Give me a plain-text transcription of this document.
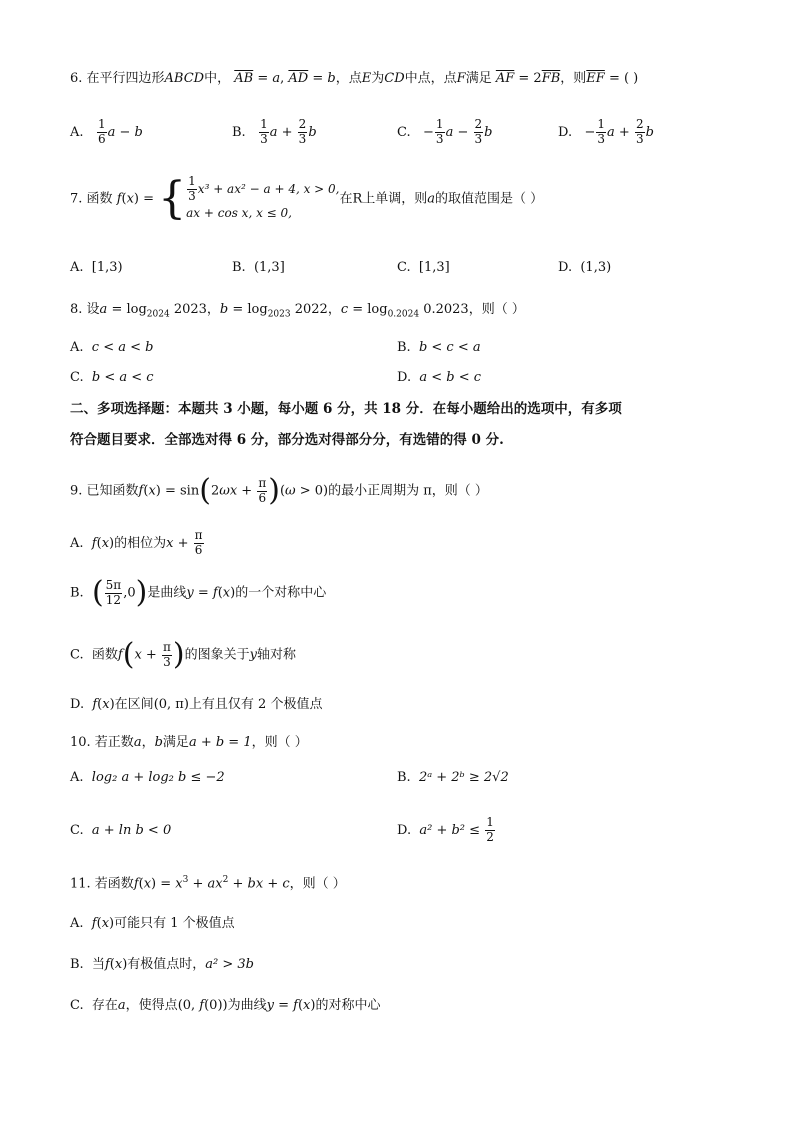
6. 在平行四边形ABCD中， $\overline{AB} = a$, $\overline{AD} = b$，点E为CD中点，点F满足 $\overline{AF} = 2\overline{FB}$，则$\overline{EF}$ = ( )
A. $\frac{1}{6}$ a − b	B. $\frac{1}{3}$ $a + \frac{2}{3}$ b	C.   − $\frac{1}{3}$ $a - \frac{2}{3}$ b	D.   − $\frac{1}{3}$ $a + \frac{2}{3}$ b
7. 函数 f(x) = { $\frac{1}{3} x^3 + ax^2 - a + 4$, x > 0,
ax + cos x, x ≤ 0,在R上单调，则a的取值范围是（ ）
A. [1,3)	B. (1,3]	C. [1,3]	D. (1,3)
8. 设$a = \log_{2024} 2023$，$b = \log_{2023} 2022$，$c = \log_{0.2024} 0.2023$，则（ ）
A. c < a < b	B. b < c < a
C. b < a < c	D. a < b < c
二、多项选择题：本题共 3 小题，每小题 6 分，共 18 分．在每小题给出的选项中，有多项
符合题目要求．全部选对得 6 分，部分选对得部分分，有选错的得 0 分.
9. 已知函数$f(x) = \sin(2\omega x + \frac{\pi}{6} )(\omega > 0)$的最小正周期为 π，则（ ）
A. f(x)的相位为$x + \frac{\pi}{6}$
B. ( $\frac{5\pi}{12} ,0$)是曲线y = f(x)的一个对称中心
C. 函数$f(x + \frac{\pi}{3}$ )的图象关于y轴对称
D. f(x)在区间(0, π)上有且仅有 2 个极值点
10. 若正数a，b满足a + b = 1，则（ ）
A. log₂ a + log₂ b ≤ −2	B. 2ᵃ + 2ᵇ ≥ 2√2
C. a + ln b < 0	D. $a^2 + b^2 \le \frac{1}{2}$
11. 若函数$f(x) = x^3 + ax^2$ + bx + c，则（ ）
A. f(x)可能只有 1 个极值点
B. 当f(x)有极值点时，a² > 3b
C. 存在a，使得点(0, f(0))为曲线y = f(x)的对称中心
